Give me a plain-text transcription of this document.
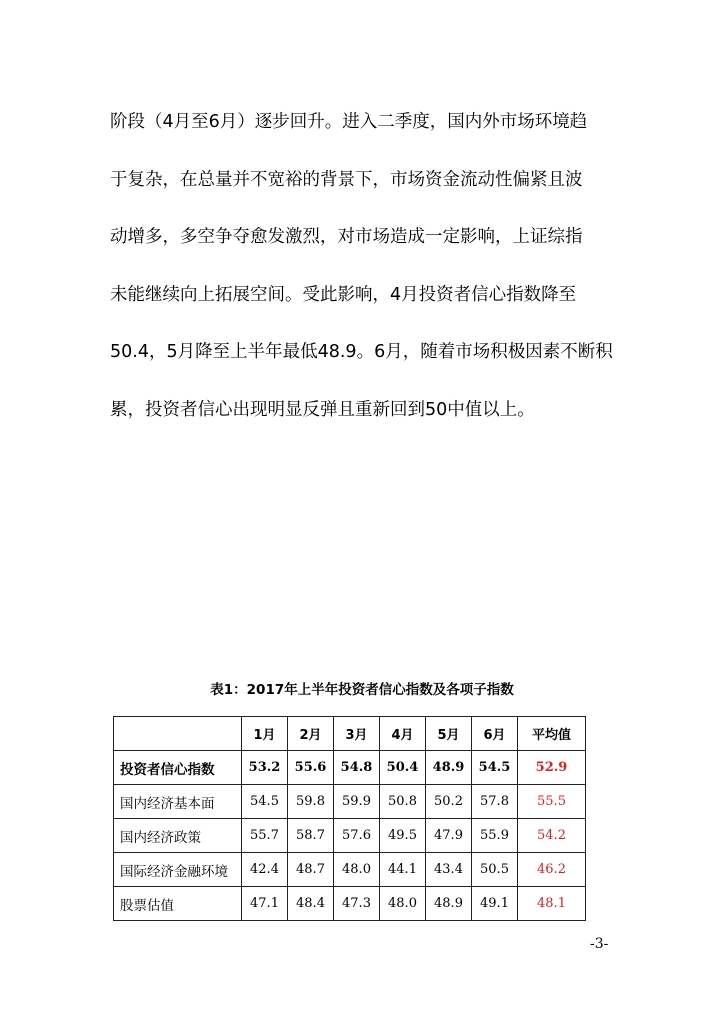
阶段（4月至6月）逐步回升。进入二季度，国内外市场环境趋
于复杂，在总量并不宽裕的背景下，市场资金流动性偏紧且波
动增多，多空争夺愈发激烈，对市场造成一定影响，上证综指
未能继续向上拓展空间。受此影响，4月投资者信心指数降至
50.4，5月降至上半年最低48.9。6月，随着市场积极因素不断积
累，投资者信心出现明显反弹且重新回到50中值以上。
表1：2017年上半年投资者信心指数及各项子指数
	1月	2月	3月	4月	5月	6月	平均值
投资者信心指数	53.2	55.6	54.8	50.4	48.9	54.5	52.9
国内经济基本面	54.5	59.8	59.9	50.8	50.2	57.8	55.5
国内经济政策	55.7	58.7	57.6	49.5	47.9	55.9	54.2
国际经济金融环境	42.4	48.7	48.0	44.1	43.4	50.5	46.2
股票估值	47.1	48.4	47.3	48.0	48.9	49.1	48.1
-3-
